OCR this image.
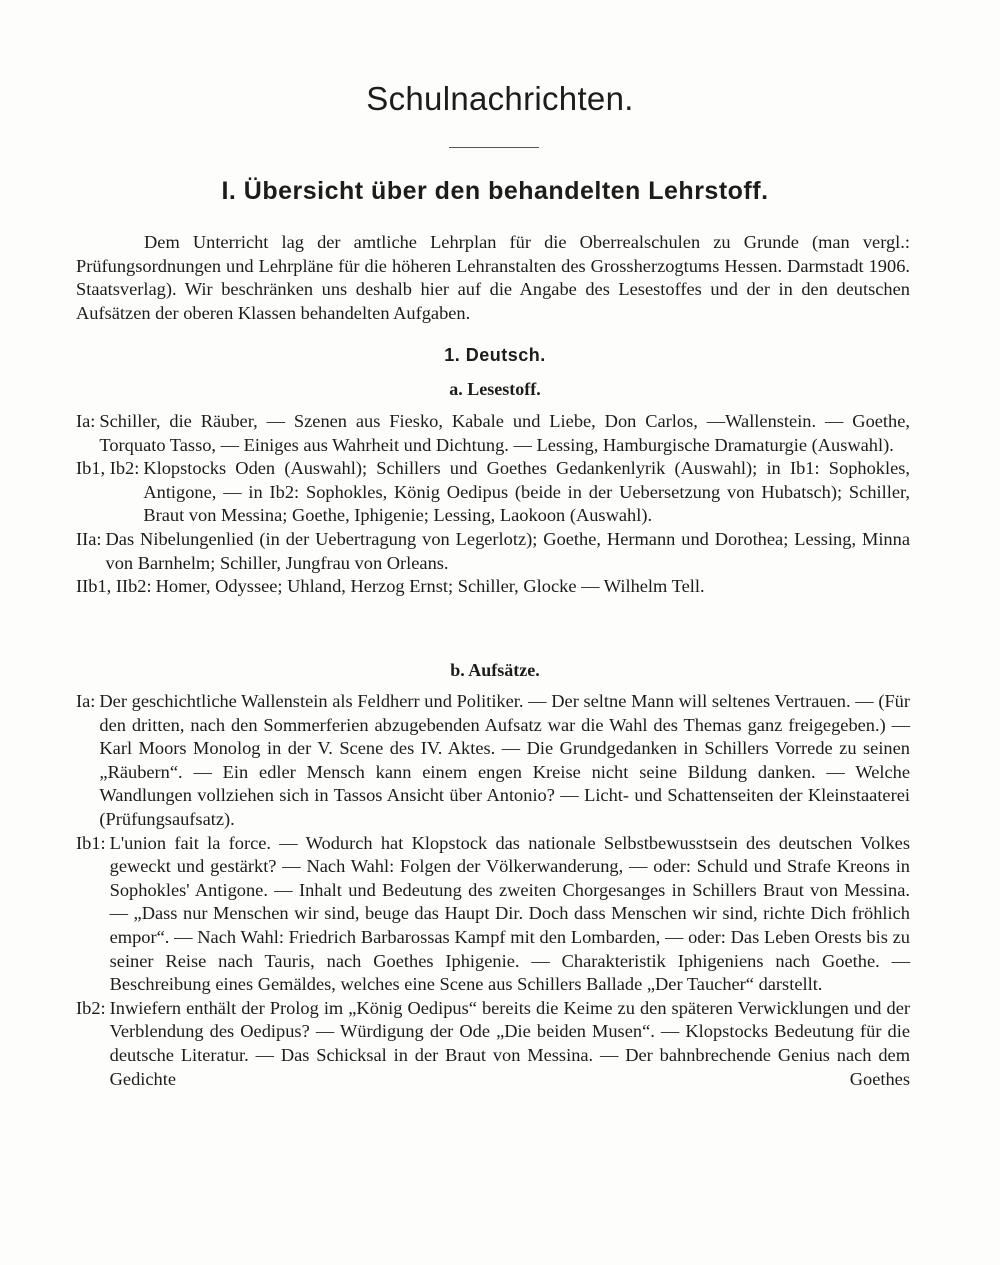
Schulnachrichten.
I. Übersicht über den behandelten Lehrstoff.

Dem Unterricht lag der amtliche Lehrplan für die Oberrealschulen zu Grunde (man vergl.: Prüfungsordnungen und Lehrpläne für die höheren Lehranstalten des Grossherzogtums Hessen. Darmstadt 1906. Staatsverlag). Wir beschränken uns deshalb hier auf die Angabe des Lesestoffes und der in den deutschen Aufsätzen der oberen Klassen behandelten Aufgaben.

1. Deutsch.
a. Lesestoff.
Ia: Schiller, die Räuber, — Szenen aus Fiesko, Kabale und Liebe, Don Carlos, —Wallenstein. — Goethe, Torquato Tasso, — Einiges aus Wahrheit und Dichtung. — Lessing, Hamburgische Dramaturgie (Auswahl).
Ib1, Ib2: Klopstocks Oden (Auswahl); Schillers und Goethes Gedankenlyrik (Auswahl); in Ib1: Sophokles, Antigone, — in Ib2: Sophokles, König Oedipus (beide in der Uebersetzung von Hubatsch); Schiller, Braut von Messina; Goethe, Iphigenie; Lessing, Laokoon (Auswahl).
IIa: Das Nibelungenlied (in der Uebertragung von Legerlotz); Goethe, Hermann und Dorothea; Lessing, Minna von Barnhelm; Schiller, Jungfrau von Orleans.
IIb1, IIb2: Homer, Odyssee; Uhland, Herzog Ernst; Schiller, Glocke — Wilhelm Tell.
b. Aufsätze.
Ia: Der geschichtliche Wallenstein als Feldherr und Politiker. — Der seltne Mann will seltenes Vertrauen. — (Für den dritten, nach den Sommerferien abzugebenden Aufsatz war die Wahl des Themas ganz freigegeben.) — Karl Moors Monolog in der V. Scene des IV. Aktes. — Die Grundgedanken in Schillers Vorrede zu seinen „Räubern“. — Ein edler Mensch kann einem engen Kreise nicht seine Bildung danken. — Welche Wandlungen vollziehen sich in Tassos Ansicht über Antonio? — Licht- und Schattenseiten der Kleinstaaterei (Prüfungsaufsatz).
Ib1: L'union fait la force. — Wodurch hat Klopstock das nationale Selbstbewusstsein des deutschen Volkes geweckt und gestärkt? — Nach Wahl: Folgen der Völkerwanderung, — oder: Schuld und Strafe Kreons in Sophokles' Antigone. — Inhalt und Bedeutung des zweiten Chorgesanges in Schillers Braut von Messina. — „Dass nur Menschen wir sind, beuge das Haupt Dir. Doch dass Menschen wir sind, richte Dich fröhlich empor“. — Nach Wahl: Friedrich Barbarossas Kampf mit den Lombarden, — oder: Das Leben Orests bis zu seiner Reise nach Tauris, nach Goethes Iphigenie. — Charakteristik Iphigeniens nach Goethe. — Beschreibung eines Gemäldes, welches eine Scene aus Schillers Ballade „Der Taucher“ darstellt.
Ib2: Inwiefern enthält der Prolog im „König Oedipus“ bereits die Keime zu den späteren Verwicklungen und der Verblendung des Oedipus? — Würdigung der Ode „Die beiden Musen“. — Klopstocks Bedeutung für die deutsche Literatur. — Das Schicksal in der Braut von Messina. — Der bahnbrechende Genius nach dem Gedichte Goethes
